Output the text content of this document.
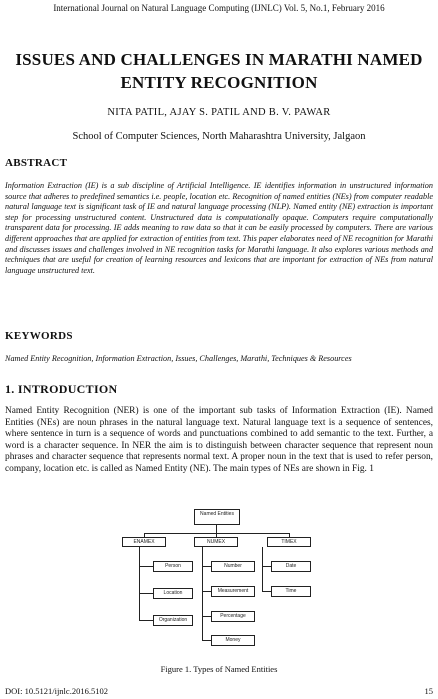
International Journal on Natural Language Computing (IJNLC) Vol. 5, No.1, February 2016
ISSUES AND CHALLENGES IN MARATHI NAMED
ENTITY RECOGNITION
NITA PATIL, AJAY S. PATIL AND B. V. PAWAR
School of Computer Sciences, North Maharashtra University, Jalgaon
ABSTRACT
Information Extraction (IE) is a sub discipline of Artificial Intelligence. IE identifies information in unstructured information source that adheres to predefined semantics i.e. people, location etc. Recognition of named entities (NEs) from computer readable natural language text is significant task of IE and natural language processing (NLP). Named entity (NE) extraction is important step for processing unstructured content. Unstructured data is computationally opaque. Computers require computationally transparent data for processing. IE adds meaning to raw data so that it can be easily processed by computers. There are various different approaches that are applied for extraction of entities from text. This paper elaborates need of NE recognition for Marathi and discusses issues and challenges involved in NE recognition tasks for Marathi language. It also explores various methods and techniques that are useful for creation of learning resources and lexicons that are important for extraction of NEs from natural language unstructured text.
KEYWORDS
Named Entity Recognition, Information Extraction, Issues, Challenges, Marathi, Techniques & Resources
1. INTRODUCTION
Named Entity Recognition (NER) is one of the important sub tasks of Information Extraction (IE). Named Entities (NEs) are noun phrases in the natural language text. Natural language text is a sequence of sentences, where sentence in turn is a sequence of words and punctuations combined to add semantic to the text. Further, a word is a character sequence. In NER the aim is to distinguish between character sequence that represent noun phrases and character sequence that represents normal text. A proper noun in the text that is used to refer person, company, location etc. is called as Named Entity (NE). The main types of NEs are shown in Fig. 1
Named Entities
ENAMEX	NUMEX	TIMEX
Person
Location
Organization
Number
Measurement
Percentage
Money
Date
Time
Figure 1. Types of Named Entities
DOI: 10.5121/ijnlc.2016.5102	15
